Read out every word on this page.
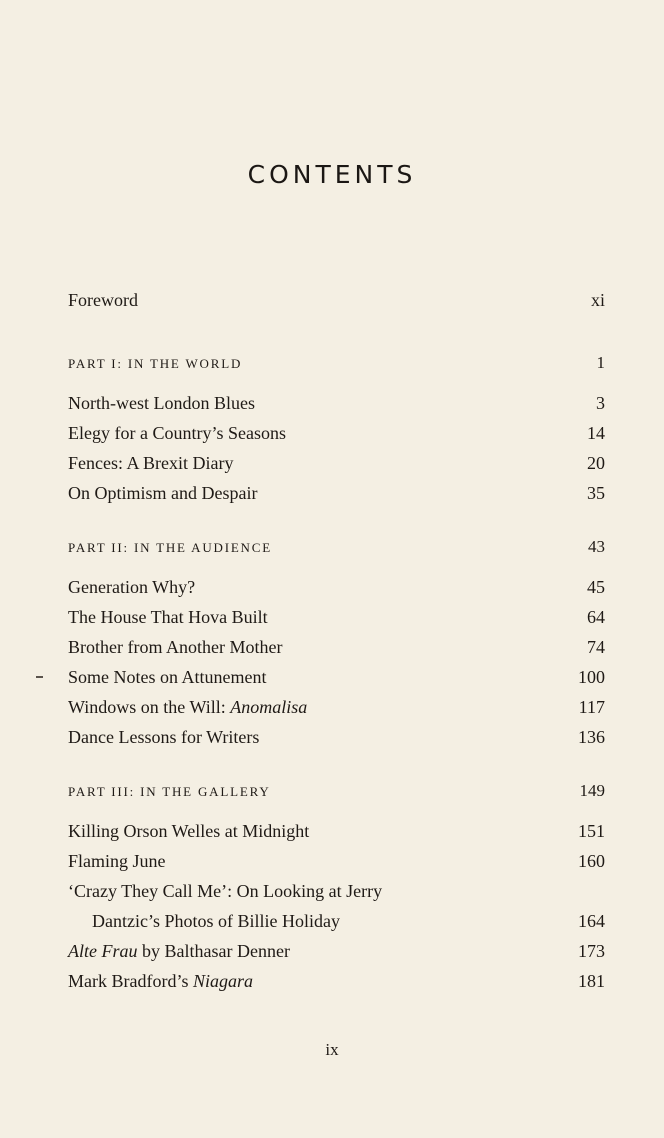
CONTENTS
Foreword	xi
PART I: IN THE WORLD	1
North-west London Blues	3
Elegy for a Country’s Seasons	14
Fences: A Brexit Diary	20
On Optimism and Despair	35
PART II: IN THE AUDIENCE	43
Generation Why?	45
The House That Hova Built	64
Brother from Another Mother	74
Some Notes on Attunement	100
Windows on the Will: Anomalisa	117
Dance Lessons for Writers	136
PART III: IN THE GALLERY	149
Killing Orson Welles at Midnight	151
Flaming June	160
‘Crazy They Call Me’: On Looking at Jerry
Dantzic’s Photos of Billie Holiday	164
Alte Frau by Balthasar Denner	173
Mark Bradford’s Niagara	181
ix
